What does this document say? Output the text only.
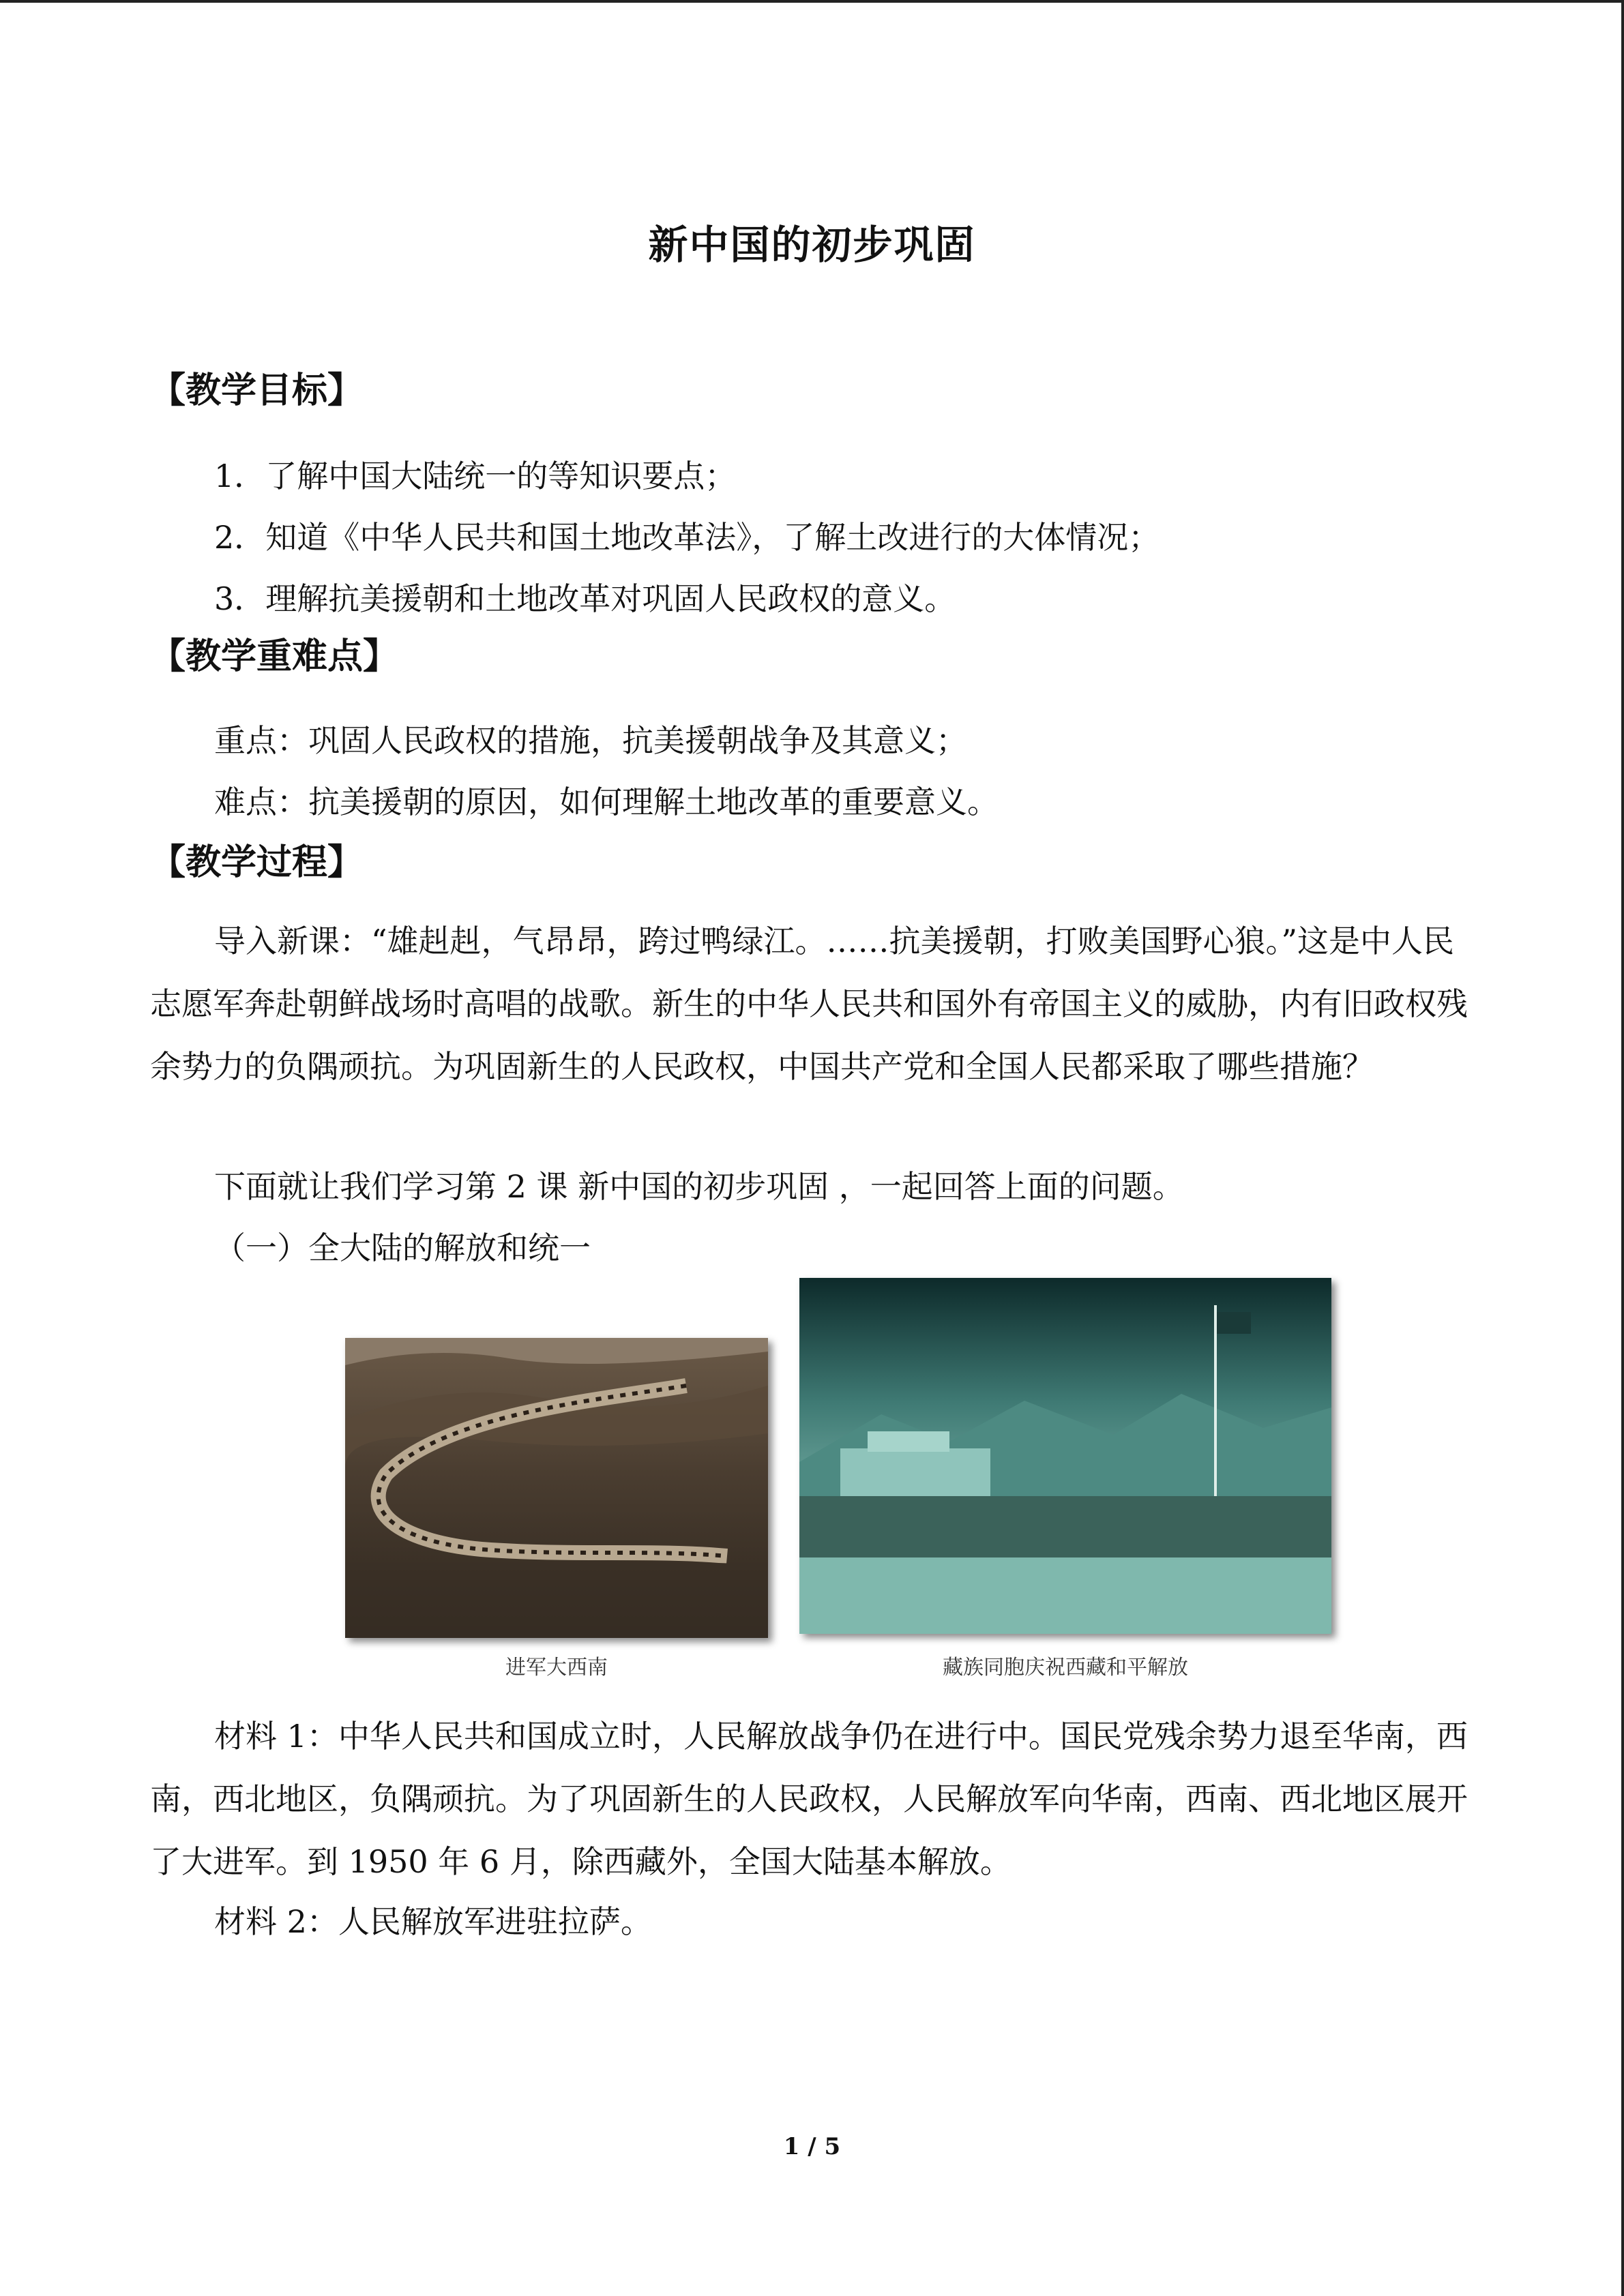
新中国的初步巩固
【教学目标】
1．了解中国大陆统一的等知识要点；
2．知道《中华人民共和国土地改革法》，了解土改进行的大体情况；
3．理解抗美援朝和土地改革对巩固人民政权的意义。
【教学重难点】
重点：巩固人民政权的措施，抗美援朝战争及其意义；
难点：抗美援朝的原因，如何理解土地改革的重要意义。
【教学过程】
导入新课：“雄赳赳，气昂昂，跨过鸭绿江。……抗美援朝，打败美国野心狼。”这是中人民志愿军奔赴朝鲜战场时高唱的战歌。新生的中华人民共和国外有帝国主义的威胁，内有旧政权残余势力的负隅顽抗。为巩固新生的人民政权，中国共产党和全国人民都采取了哪些措施？
下面就让我们学习第 2 课 新中国的初步巩固 ，一起回答上面的问题。
（一）全大陆的解放和统一
进军大西南	藏族同胞庆祝西藏和平解放
材料 1：中华人民共和国成立时，人民解放战争仍在进行中。国民党残余势力退至华南，西南，西北地区，负隅顽抗。为了巩固新生的人民政权，人民解放军向华南，西南、西北地区展开了大进军。到 1950 年 6 月，除西藏外，全国大陆基本解放。
材料 2：人民解放军进驻拉萨。
1 / 5
